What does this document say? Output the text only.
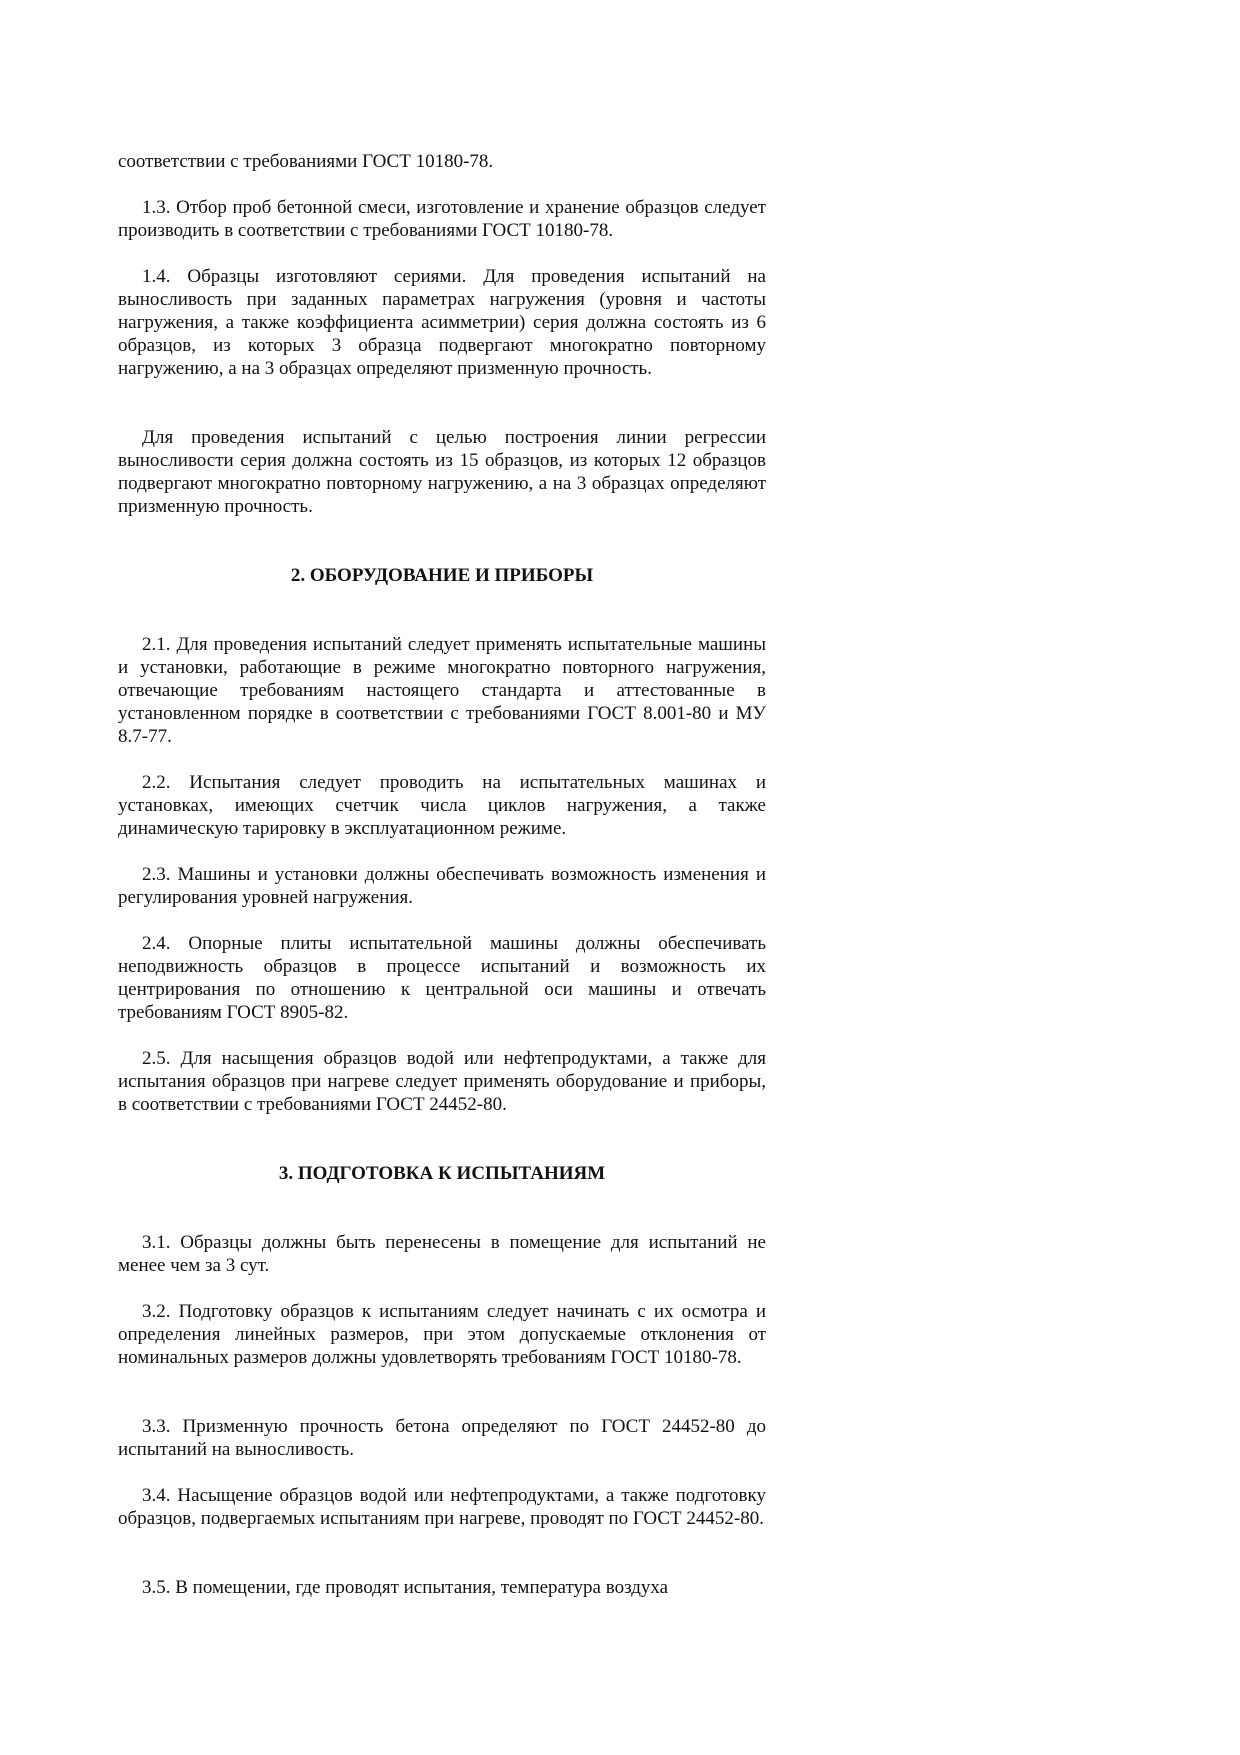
соответствии с требованиями ГОСТ 10180-78.

1.3. Отбор проб бетонной смеси, изготовление и хранение образцов следует производить в соответствии с требованиями ГОСТ 10180-78.

1.4. Образцы изготовляют сериями. Для проведения испытаний на выносливость при заданных параметрах нагружения (уровня и частоты нагружения, а также коэффициента асимметрии) серия должна состоять из 6 образцов, из которых 3 образца подвергают многократно повторному нагружению, а на 3 образцах определяют призменную прочность.

Для проведения испытаний с целью построения линии регрессии выносливости серия должна состоять из 15 образцов, из которых 12 образцов подвергают многократно повторному нагружению, а на 3 образцах определяют призменную прочность.

2. ОБОРУДОВАНИЕ И ПРИБОРЫ

2.1. Для проведения испытаний следует применять испытательные машины и установки, работающие в режиме многократно повторного нагружения, отвечающие требованиям настоящего стандарта и аттестованные в установленном порядке в соответствии с требованиями ГОСТ 8.001-80 и МУ 8.7-77.

2.2. Испытания следует проводить на испытательных машинах и установках, имеющих счетчик числа циклов нагружения, а также динамическую тарировку в эксплуатационном режиме.

2.3. Машины и установки должны обеспечивать возможность изменения и регулирования уровней нагружения.

2.4. Опорные плиты испытательной машины должны обеспечивать неподвижность образцов в процессе испытаний и возможность их центрирования по отношению к центральной оси машины и отвечать требованиям ГОСТ 8905-82.

2.5. Для насыщения образцов водой или нефтепродуктами, а также для испытания образцов при нагреве следует применять оборудование и приборы, в соответствии с требованиями ГОСТ 24452-80.

3. ПОДГОТОВКА К ИСПЫТАНИЯМ

3.1. Образцы должны быть перенесены в помещение для испытаний не менее чем за 3 сут.

3.2. Подготовку образцов к испытаниям следует начинать с их осмотра и определения линейных размеров, при этом допускаемые отклонения от номинальных размеров должны удовлетворять требованиям ГОСТ 10180-78.

3.3. Призменную прочность бетона определяют по ГОСТ 24452-80 до испытаний на выносливость.

3.4. Насыщение образцов водой или нефтепродуктами, а также подготовку образцов, подвергаемых испытаниям при нагреве, проводят по ГОСТ 24452-80.

3.5. В помещении, где проводят испытания, температура воздуха
